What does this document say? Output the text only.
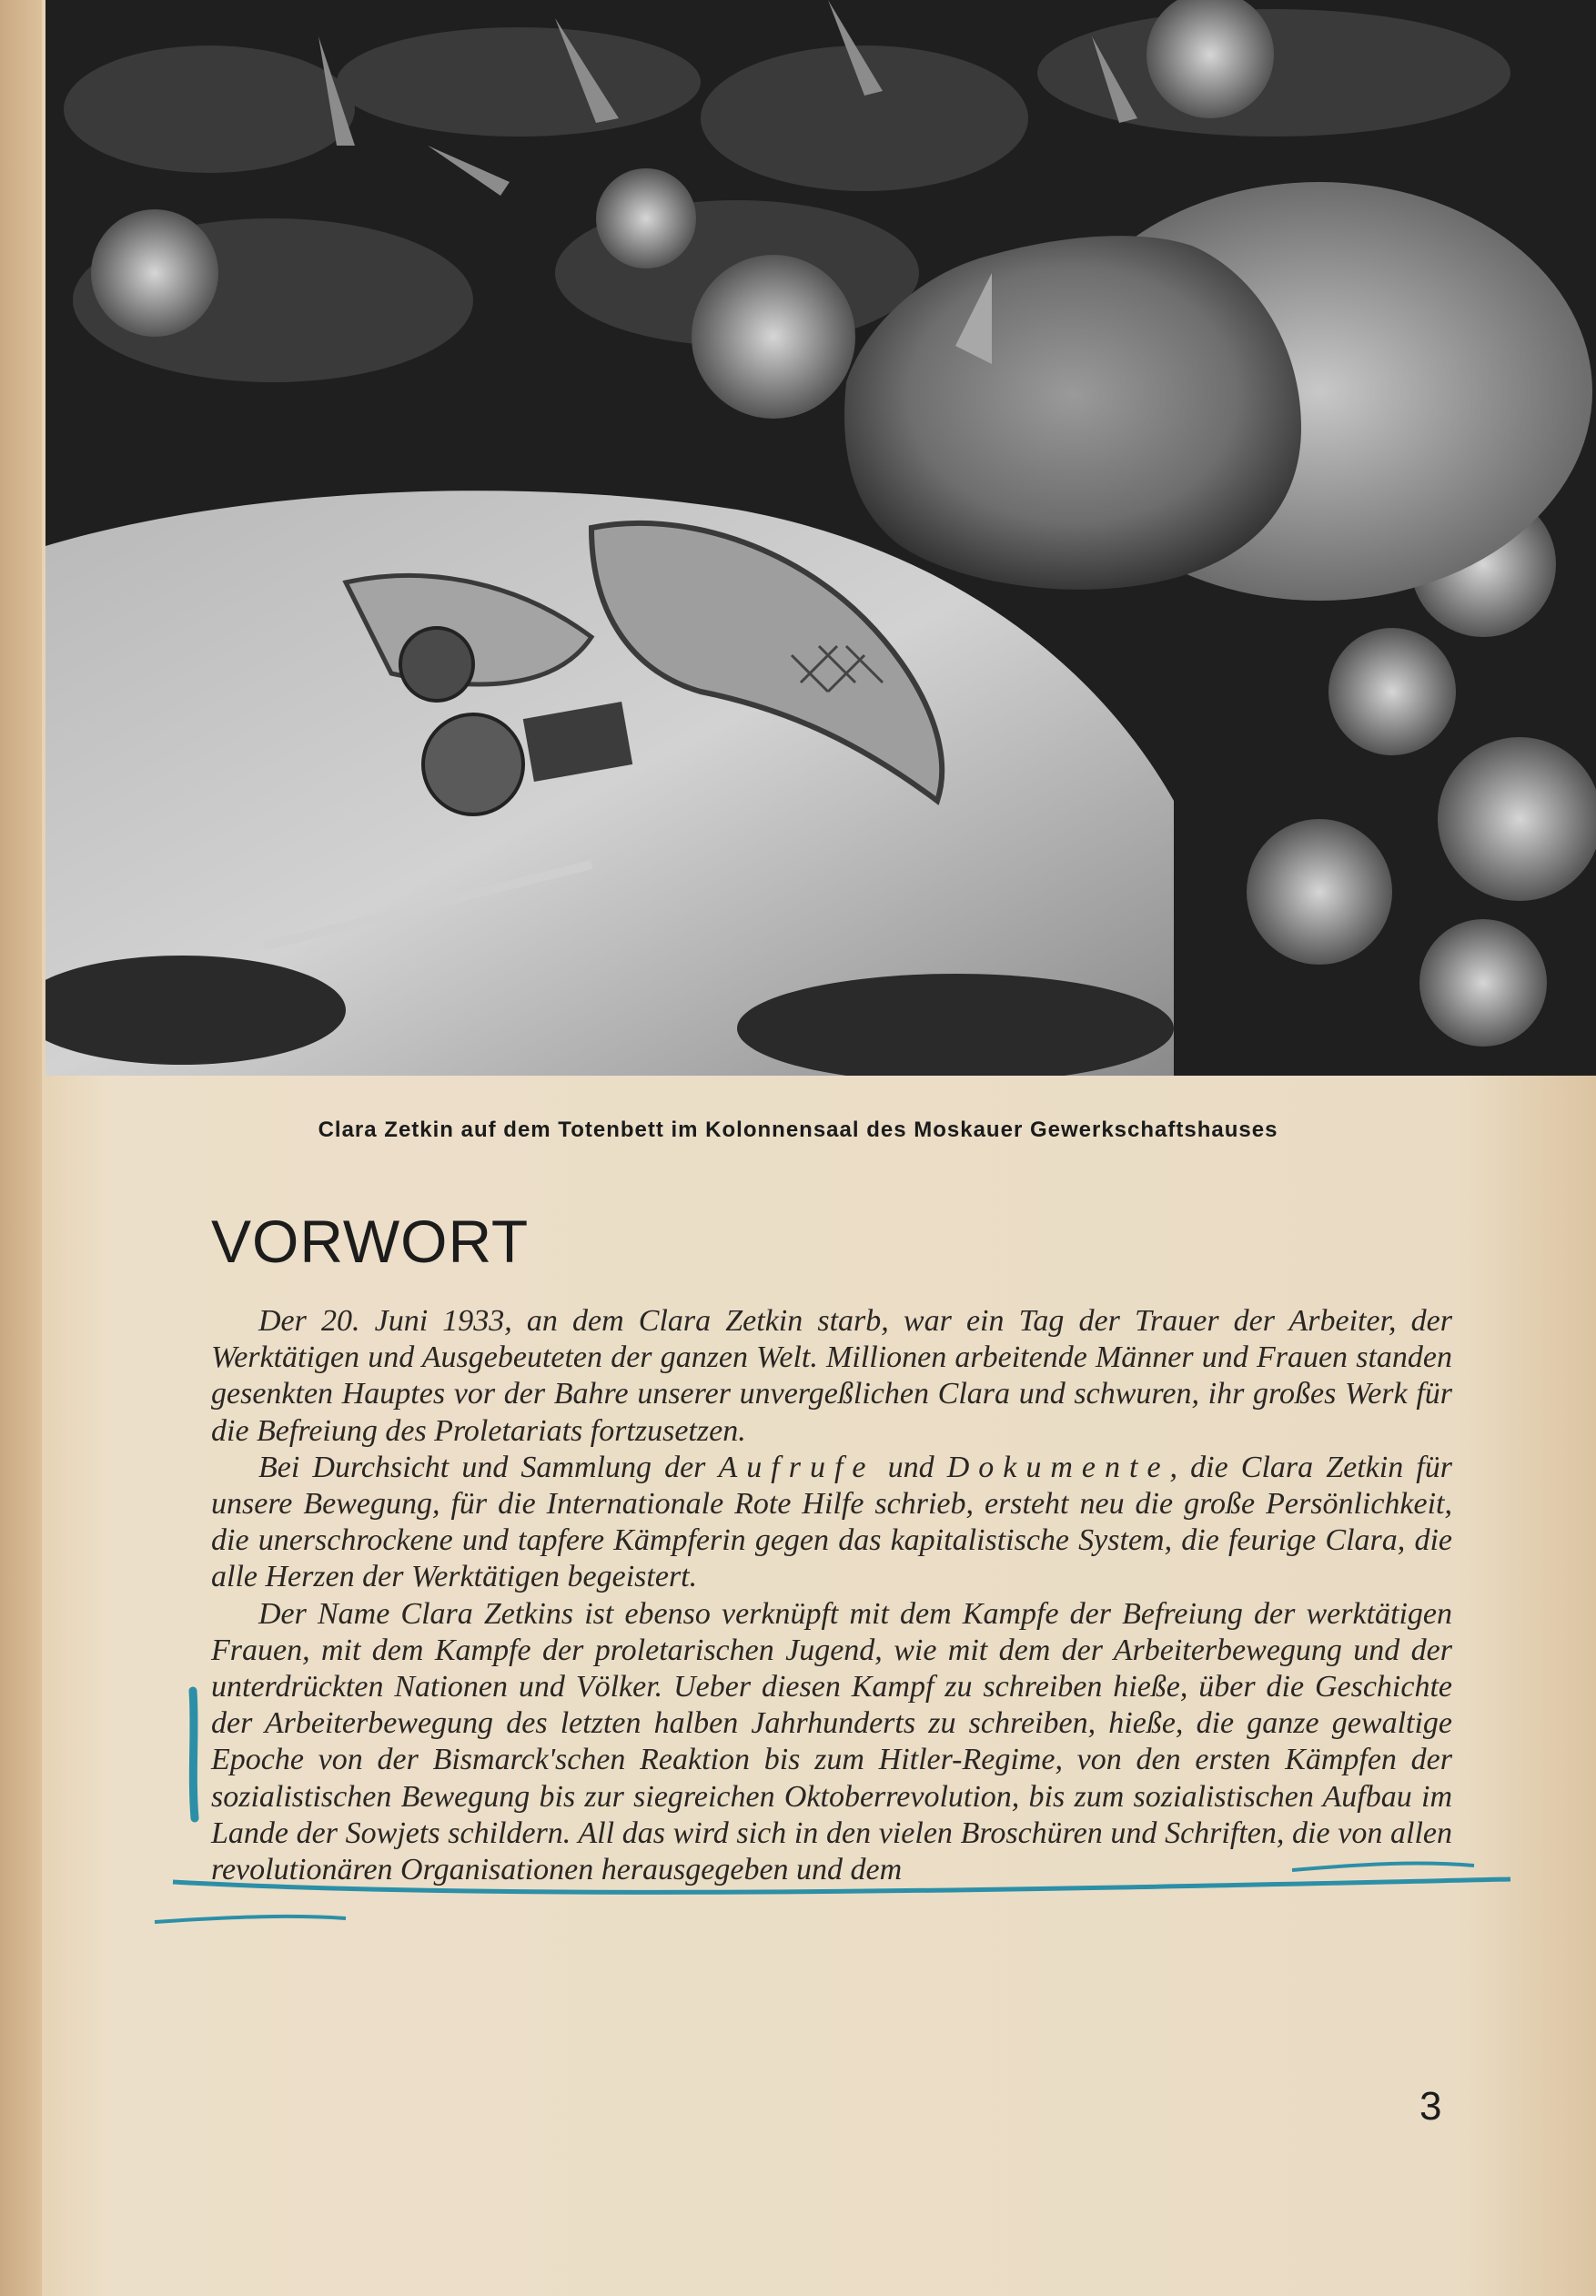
Clara Zetkin auf dem Totenbett im Kolonnensaal des Moskauer Gewerkschaftshauses
VORWORT

Der 20. Juni 1933, an dem Clara Zetkin starb, war ein Tag der Trauer der Arbeiter, der Werktätigen und Ausgebeuteten der ganzen Welt. Millionen arbeitende Männer und Frauen standen gesenkten Hauptes vor der Bahre unserer unvergeßlichen Clara und schwuren, ihr großes Werk für die Befreiung des Proletariats fortzusetzen.

Bei Durchsicht und Sammlung der Aufrufe und Dokumente, die Clara Zetkin für unsere Bewegung, für die Internationale Rote Hilfe schrieb, ersteht neu die große Persönlichkeit, die unerschrockene und tapfere Kämpferin gegen das kapitalistische System, die feurige Clara, die alle Herzen der Werktätigen begeistert.

Der Name Clara Zetkins ist ebenso verknüpft mit dem Kampfe der Befreiung der werktätigen Frauen, mit dem Kampfe der proletarischen Jugend, wie mit dem der Arbeiterbewegung und der unterdrückten Nationen und Völker. Ueber diesen Kampf zu schreiben hieße, über die Geschichte der Arbeiterbewegung des letzten halben Jahrhunderts zu schreiben, hieße, die ganze gewaltige Epoche von der Bismarck'schen Reaktion bis zum Hitler-Regime, von den ersten Kämpfen der sozialistischen Bewegung bis zur siegreichen Oktoberrevolution, bis zum sozialistischen Aufbau im Lande der Sowjets schildern. All das wird sich in den vielen Broschüren und Schriften, die von allen revolutionären Organisationen herausgegeben und dem

3
